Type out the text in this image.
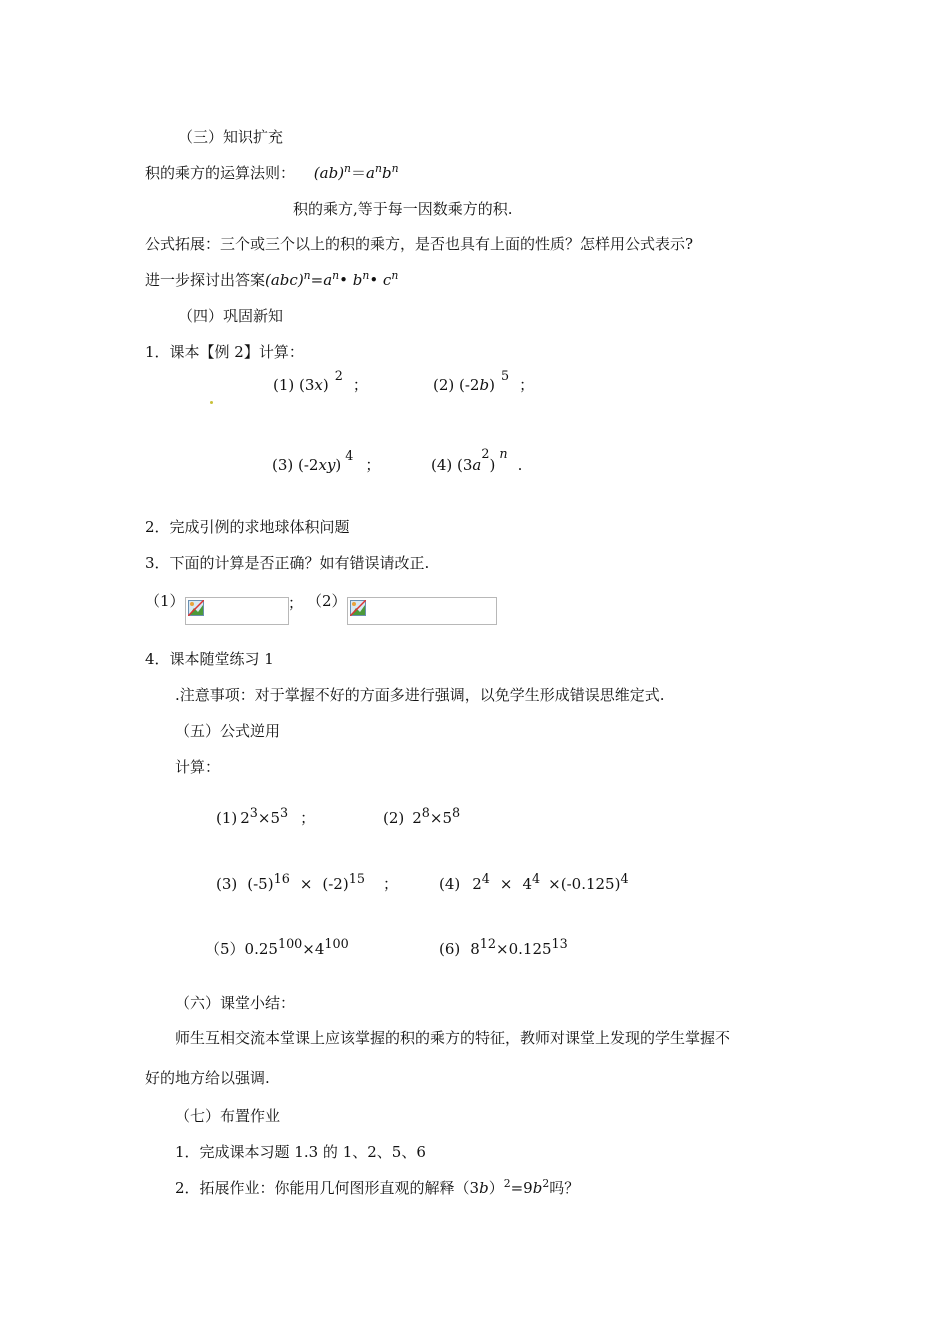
（三）知识扩充
积的乘方的运算法则： $(ab)^n=a^nb^n$
积的乘方,等于每一因数乘方的积.
公式拓展：三个或三个以上的积的乘方，是否也具有上面的性质？怎样用公式表示?
进一步探讨出答案$(abc)^n=a^n•$ $b^n•$ $c^n$
（四）巩固新知
1．课本【例 2】计算：
(1) (3x) $^2$ ；	(2) (-2b) $^5$ ；
(3) (-2xy) $^4$ ；	(4) $(3a^2)^n$.
2．完成引例的求地球体积问题
3．下面的计算是否正确？如有错误请改正.
（1）	； （2）
4．课本随堂练习 1
.注意事项：对于掌握不好的方面多进行强调，以免学生形成错误思维定式.
（五）公式逆用
计算：
(1) $2^3\times 5^3$ ；	(2) $2^8\times 5^8$
(3) $(-5)^{16} \times (-2)^{15}$ ；	(4) $2^4 \times 4^4 \times(-0.125)^4$
$(5)0.25^{100}\times 4^{100}$	(6) $8^{12}\times 0.125^{13}$
（六）课堂小结：
师生互相交流本堂课上应该掌握的积的乘方的特征，教师对课堂上发现的学生掌握不
好的地方给以强调.
（七）布置作业
1．完成课本习题 1.3 的 1、2、5、6
2．拓展作业：你能用几何图形直观的解释$(3b)^2=9b^2$吗？
